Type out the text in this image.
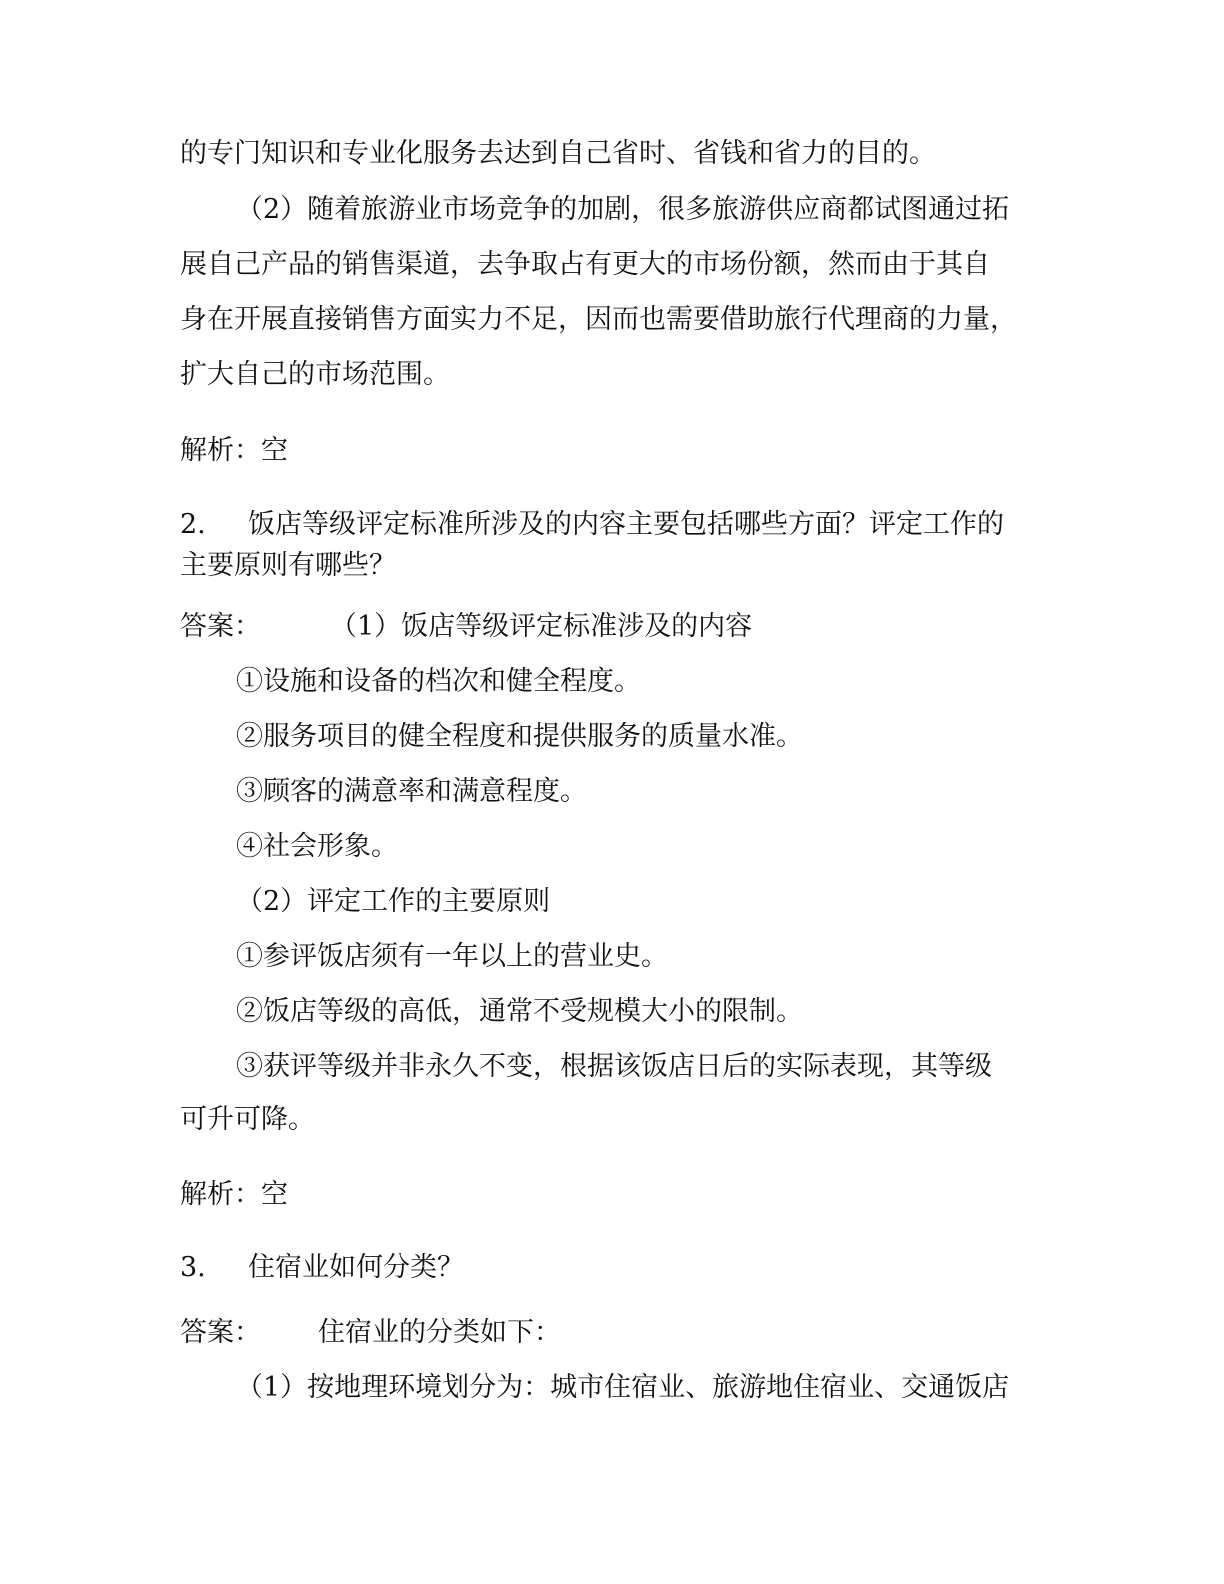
的专门知识和专业化服务去达到自己省时、省钱和省力的目的。
（2）随着旅游业市场竞争的加剧，很多旅游供应商都试图通过拓
展自己产品的销售渠道，去争取占有更大的市场份额，然而由于其自
身在开展直接销售方面实力不足，因而也需要借助旅行代理商的力量，
扩大自己的市场范围。
解析：空
2. 饭店等级评定标准所涉及的内容主要包括哪些方面？评定工作的
主要原则有哪些？
答案：	（1）饭店等级评定标准涉及的内容
①设施和设备的档次和健全程度。
②服务项目的健全程度和提供服务的质量水准。
③顾客的满意率和满意程度。
④社会形象。
（2）评定工作的主要原则
①参评饭店须有一年以上的营业史。
②饭店等级的高低，通常不受规模大小的限制。
③获评等级并非永久不变，根据该饭店日后的实际表现，其等级
可升可降。
解析：空
3. 住宿业如何分类？
答案： 住宿业的分类如下：
（1）按地理环境划分为：城市住宿业、旅游地住宿业、交通饭店
